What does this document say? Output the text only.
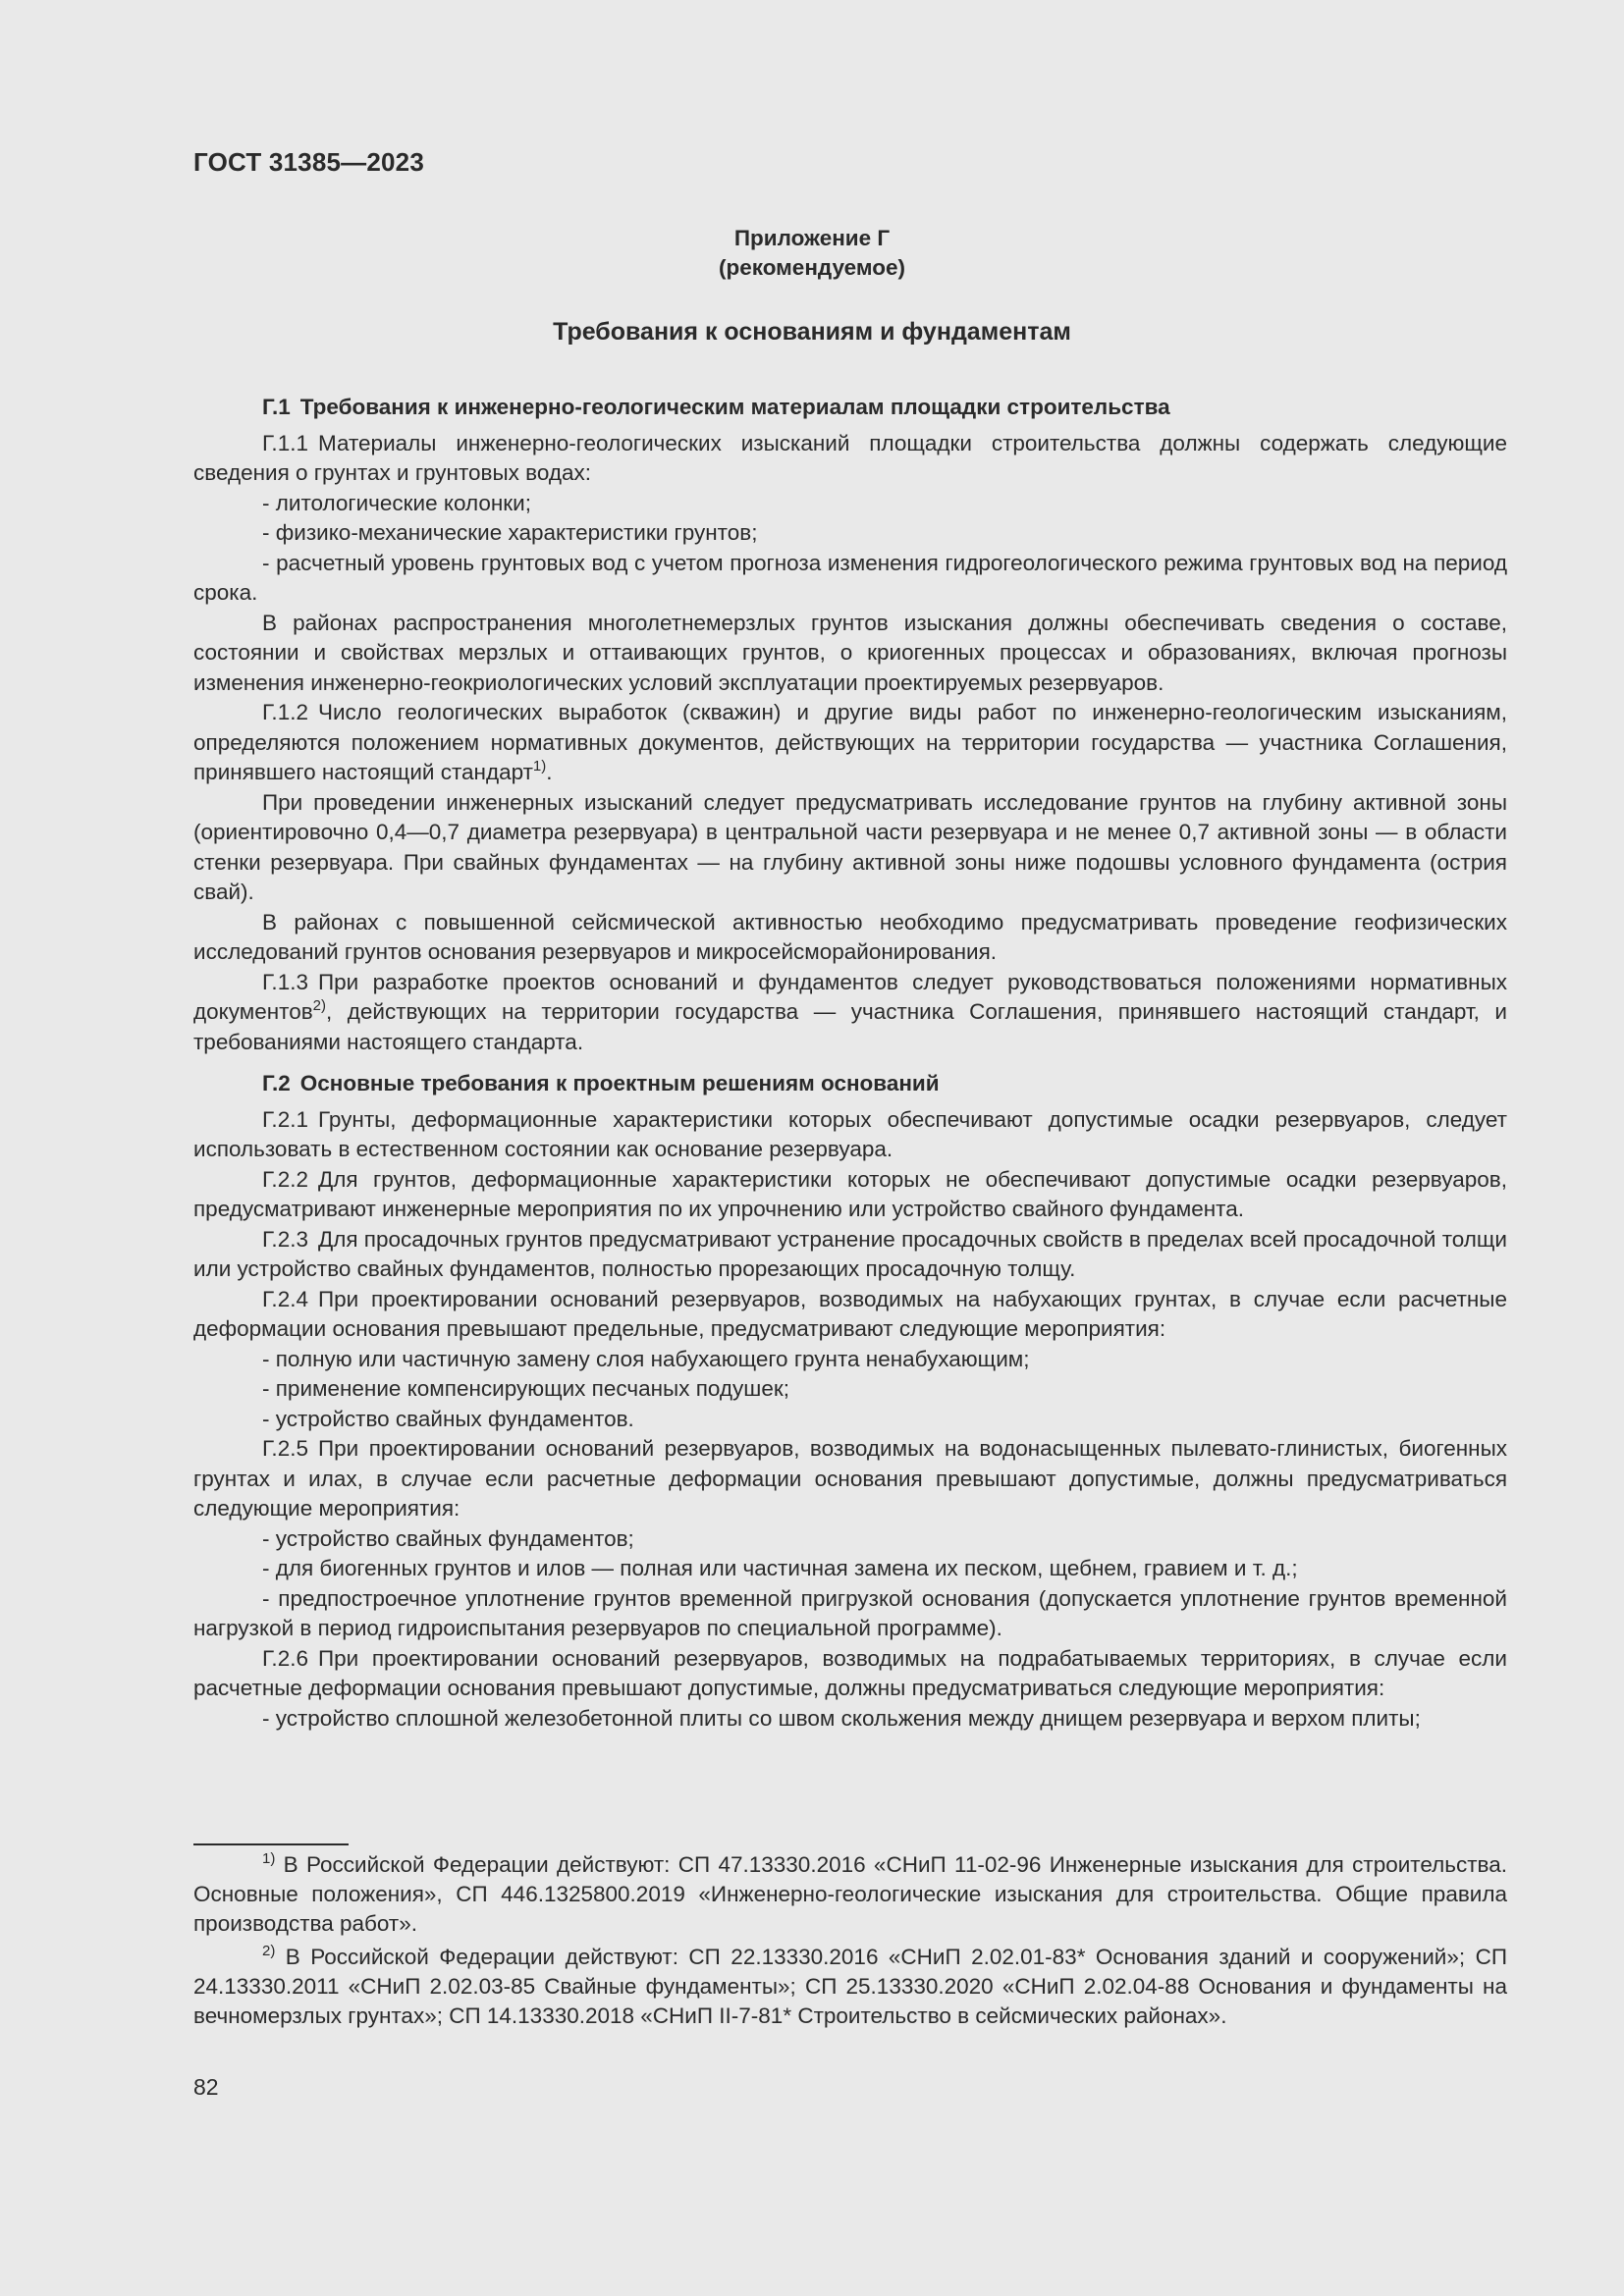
ГОСТ 31385—2023
Приложение Г
(рекомендуемое)
Требования к основаниям и фундаментам

Г.1 Требования к инженерно-геологическим материалам площадки строительства

Г.1.1 Материалы инженерно-геологических изысканий площадки строительства должны содержать следующие сведения о грунтах и грунтовых водах:

- литологические колонки;

- физико-механические характеристики грунтов;

- расчетный уровень грунтовых вод с учетом прогноза изменения гидрогеологического режима грунтовых вод на период срока.

В районах распространения многолетнемерзлых грунтов изыскания должны обеспечивать сведения о составе, состоянии и свойствах мерзлых и оттаивающих грунтов, о криогенных процессах и образованиях, включая прогнозы изменения инженерно-геокриологических условий эксплуатации проектируемых резервуаров.

Г.1.2 Число геологических выработок (скважин) и другие виды работ по инженерно-геологическим изысканиям, определяются положением нормативных документов, действующих на территории государства — участника Соглашения, принявшего настоящий стандарт$^{1)}$.

При проведении инженерных изысканий следует предусматривать исследование грунтов на глубину активной зоны (ориентировочно 0,4—0,7 диаметра резервуара) в центральной части резервуара и не менее 0,7 активной зоны — в области стенки резервуара. При свайных фундаментах — на глубину активной зоны ниже подошвы условного фундамента (острия свай).

В районах с повышенной сейсмической активностью необходимо предусматривать проведение геофизических исследований грунтов основания резервуаров и микросейсморайонирования.

Г.1.3 При разработке проектов оснований и фундаментов следует руководствоваться положениями нормативных документов$^{2)}$, действующих на территории государства — участника Соглашения, принявшего настоящий стандарт, и требованиями настоящего стандарта.

Г.2 Основные требования к проектным решениям оснований

Г.2.1 Грунты, деформационные характеристики которых обеспечивают допустимые осадки резервуаров, следует использовать в естественном состоянии как основание резервуара.

Г.2.2 Для грунтов, деформационные характеристики которых не обеспечивают допустимые осадки резервуаров, предусматривают инженерные мероприятия по их упрочнению или устройство свайного фундамента.

Г.2.3 Для просадочных грунтов предусматривают устранение просадочных свойств в пределах всей просадочной толщи или устройство свайных фундаментов, полностью прорезающих просадочную толщу.

Г.2.4 При проектировании оснований резервуаров, возводимых на набухающих грунтах, в случае если расчетные деформации основания превышают предельные, предусматривают следующие мероприятия:

- полную или частичную замену слоя набухающего грунта ненабухающим;

- применение компенсирующих песчаных подушек;

- устройство свайных фундаментов.

Г.2.5 При проектировании оснований резервуаров, возводимых на водонасыщенных пылевато-глинистых, биогенных грунтах и илах, в случае если расчетные деформации основания превышают допустимые, должны предусматриваться следующие мероприятия:

- устройство свайных фундаментов;

- для биогенных грунтов и илов — полная или частичная замена их песком, щебнем, гравием и т. д.;

- предпостроечное уплотнение грунтов временной пригрузкой основания (допускается уплотнение грунтов временной нагрузкой в период гидроиспытания резервуаров по специальной программе).

Г.2.6 При проектировании оснований резервуаров, возводимых на подрабатываемых территориях, в случае если расчетные деформации основания превышают допустимые, должны предусматриваться следующие мероприятия:

- устройство сплошной железобетонной плиты со швом скольжения между днищем резервуара и верхом плиты;

$^{1)}$ В Российской Федерации действуют: СП 47.13330.2016 «СНиП 11-02-96 Инженерные изыскания для строительства. Основные положения», СП 446.1325800.2019 «Инженерно-геологические изыскания для строительства. Общие правила производства работ».

$^{2)}$ В Российской Федерации действуют: СП 22.13330.2016 «СНиП 2.02.01-83* Основания зданий и сооружений»; СП 24.13330.2011 «СНиП 2.02.03-85 Свайные фундаменты»; СП 25.13330.2020 «СНиП 2.02.04-88 Основания и фундаменты на вечномерзлых грунтах»; СП 14.13330.2018 «СНиП II-7-81* Строительство в сейсмических районах».

82
